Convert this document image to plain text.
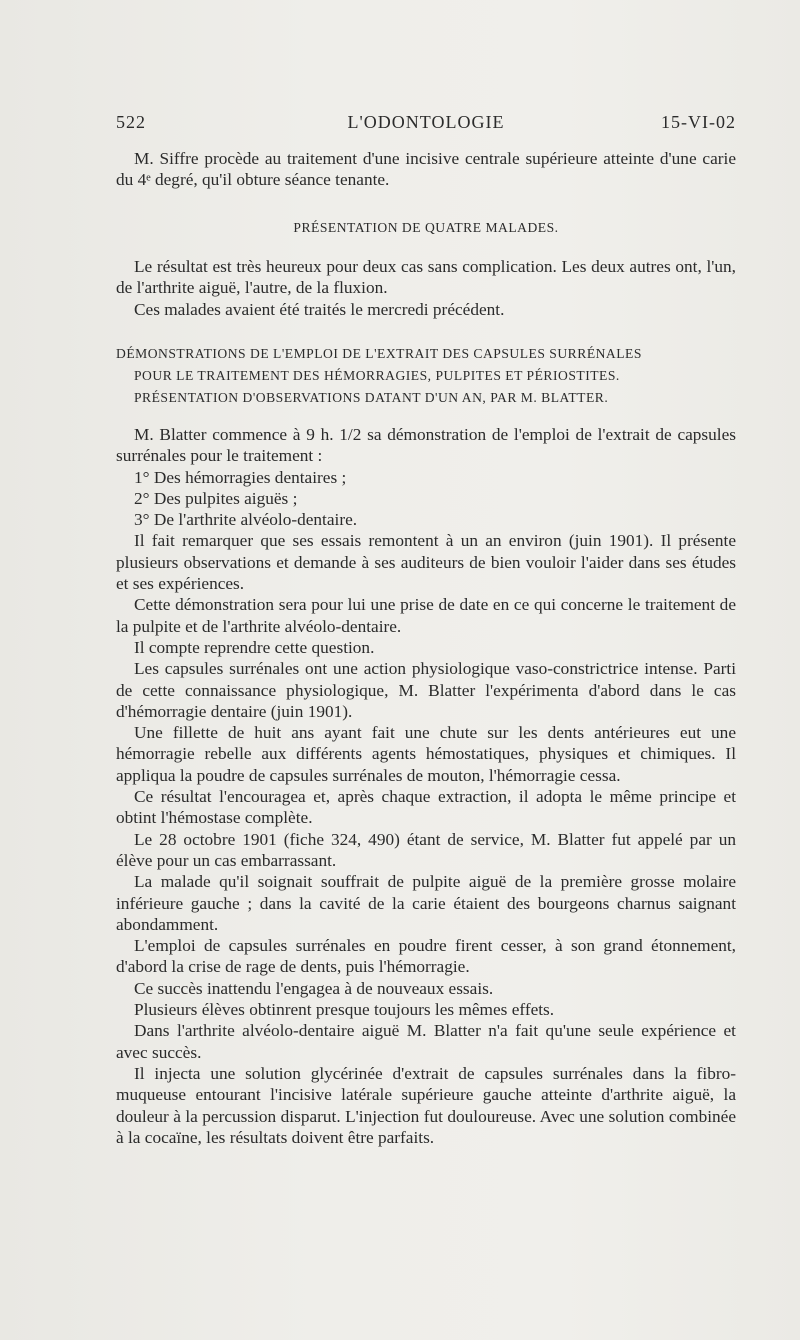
522	L'ODONTOLOGIE	15-VI-02

M. Siffre procède au traitement d'une incisive centrale supérieure atteinte d'une carie du 4ᵉ degré, qu'il obture séance tenante.

PRÉSENTATION DE QUATRE MALADES.

Le résultat est très heureux pour deux cas sans complication. Les deux autres ont, l'un, de l'arthrite aiguë, l'autre, de la fluxion.

Ces malades avaient été traités le mercredi précédent.

DÉMONSTRATIONS DE L'EMPLOI DE L'EXTRAIT DES CAPSULES SURRÉNALES

POUR LE TRAITEMENT DES HÉMORRAGIES, PULPITES ET PÉRIOSTITES.

PRÉSENTATION D'OBSERVATIONS DATANT D'UN AN, PAR M. BLATTER.

M. Blatter commence à 9 h. 1/2 sa démonstration de l'emploi de l'extrait de capsules surrénales pour le traitement :

1° Des hémorragies dentaires ;

2° Des pulpites aiguës ;

3° De l'arthrite alvéolo-dentaire.

Il fait remarquer que ses essais remontent à un an environ (juin 1901). Il présente plusieurs observations et demande à ses auditeurs de bien vouloir l'aider dans ses études et ses expériences.

Cette démonstration sera pour lui une prise de date en ce qui concerne le traitement de la pulpite et de l'arthrite alvéolo-dentaire.

Il compte reprendre cette question.

Les capsules surrénales ont une action physiologique vaso-constrictrice intense. Parti de cette connaissance physiologique, M. Blatter l'expérimenta d'abord dans le cas d'hémorragie dentaire (juin 1901).

Une fillette de huit ans ayant fait une chute sur les dents antérieures eut une hémorragie rebelle aux différents agents hémostatiques, physiques et chimiques. Il appliqua la poudre de capsules surrénales de mouton, l'hémorragie cessa.

Ce résultat l'encouragea et, après chaque extraction, il adopta le même principe et obtint l'hémostase complète.

Le 28 octobre 1901 (fiche 324, 490) étant de service, M. Blatter fut appelé par un élève pour un cas embarrassant.

La malade qu'il soignait souffrait de pulpite aiguë de la première grosse molaire inférieure gauche ; dans la cavité de la carie étaient des bourgeons charnus saignant abondamment.

L'emploi de capsules surrénales en poudre firent cesser, à son grand étonnement, d'abord la crise de rage de dents, puis l'hémorragie.

Ce succès inattendu l'engagea à de nouveaux essais.

Plusieurs élèves obtinrent presque toujours les mêmes effets.

Dans l'arthrite alvéolo-dentaire aiguë M. Blatter n'a fait qu'une seule expérience et avec succès.

Il injecta une solution glycérinée d'extrait de capsules surrénales dans la fibro-muqueuse entourant l'incisive latérale supérieure gauche atteinte d'arthrite aiguë, la douleur à la percussion disparut. L'injection fut douloureuse. Avec une solution combinée à la cocaïne, les résultats doivent être parfaits.
